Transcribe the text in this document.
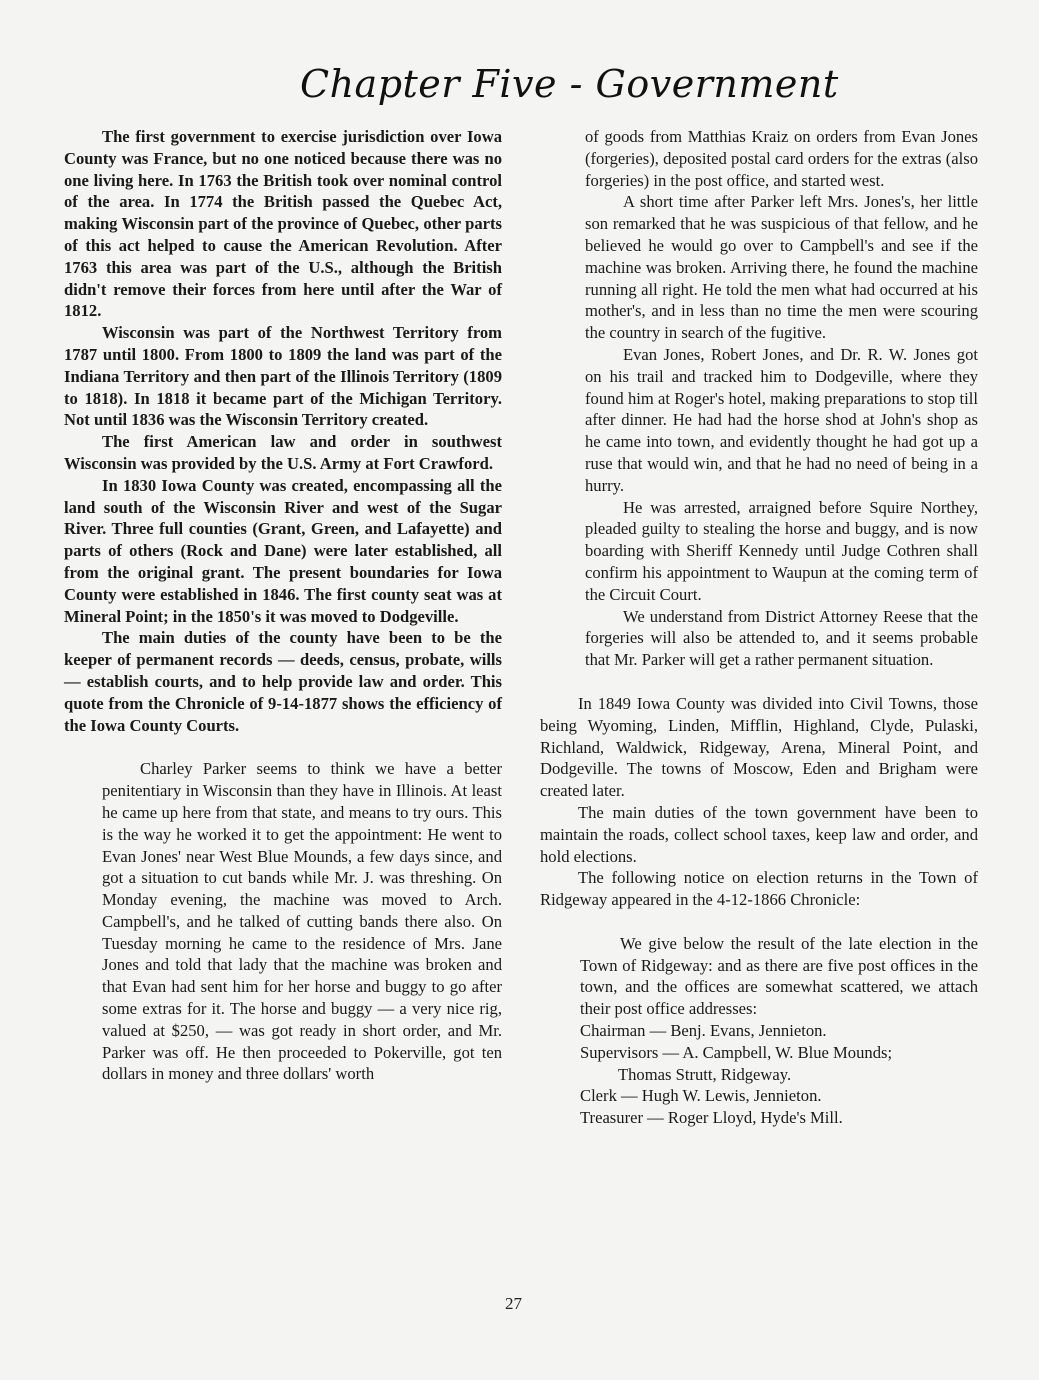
Chapter Five - Government

The first government to exercise jurisdiction over Iowa County was France, but no one noticed because there was no one living here. In 1763 the British took over nominal control of the area. In 1774 the British passed the Quebec Act, making Wisconsin part of the province of Quebec, other parts of this act helped to cause the American Revolution. After 1763 this area was part of the U.S., although the British didn't remove their forces from here until after the War of 1812.

Wisconsin was part of the Northwest Territory from 1787 until 1800. From 1800 to 1809 the land was part of the Indiana Territory and then part of the Illinois Territory (1809 to 1818). In 1818 it became part of the Michigan Territory. Not until 1836 was the Wisconsin Territory created.

The first American law and order in southwest Wisconsin was provided by the U.S. Army at Fort Crawford.

In 1830 Iowa County was created, encompassing all the land south of the Wisconsin River and west of the Sugar River. Three full counties (Grant, Green, and Lafayette) and parts of others (Rock and Dane) were later established, all from the original grant. The present boundaries for Iowa County were established in 1846. The first county seat was at Mineral Point; in the 1850's it was moved to Dodgeville.

The main duties of the county have been to be the keeper of permanent records — deeds, census, probate, wills — establish courts, and to help provide law and order. This quote from the Chronicle of 9-14-1877 shows the efficiency of the Iowa County Courts.

Charley Parker seems to think we have a better penitentiary in Wisconsin than they have in Illinois. At least he came up here from that state, and means to try ours. This is the way he worked it to get the appointment: He went to Evan Jones' near West Blue Mounds, a few days since, and got a situation to cut bands while Mr. J. was threshing. On Monday evening, the machine was moved to Arch. Campbell's, and he talked of cutting bands there also. On Tuesday morning he came to the residence of Mrs. Jane Jones and told that lady that the machine was broken and that Evan had sent him for her horse and buggy to go after some extras for it. The horse and buggy — a very nice rig, valued at $250, — was got ready in short order, and Mr. Parker was off. He then proceeded to Pokerville, got ten dollars in money and three dollars' worth

of goods from Matthias Kraiz on orders from Evan Jones (forgeries), deposited postal card orders for the extras (also forgeries) in the post office, and started west.

A short time after Parker left Mrs. Jones's, her little son remarked that he was suspicious of that fellow, and he believed he would go over to Campbell's and see if the machine was broken. Arriving there, he found the machine running all right. He told the men what had occurred at his mother's, and in less than no time the men were scouring the country in search of the fugitive.

Evan Jones, Robert Jones, and Dr. R. W. Jones got on his trail and tracked him to Dodgeville, where they found him at Roger's hotel, making preparations to stop till after dinner. He had had the horse shod at John's shop as he came into town, and evidently thought he had got up a ruse that would win, and that he had no need of being in a hurry.

He was arrested, arraigned before Squire Northey, pleaded guilty to stealing the horse and buggy, and is now boarding with Sheriff Kennedy until Judge Cothren shall confirm his appointment to Waupun at the coming term of the Circuit Court.

We understand from District Attorney Reese that the forgeries will also be attended to, and it seems probable that Mr. Parker will get a rather permanent situation.

In 1849 Iowa County was divided into Civil Towns, those being Wyoming, Linden, Mifflin, Highland, Clyde, Pulaski, Richland, Waldwick, Ridgeway, Arena, Mineral Point, and Dodgeville. The towns of Moscow, Eden and Brigham were created later.

The main duties of the town government have been to maintain the roads, collect school taxes, keep law and order, and hold elections.

The following notice on election returns in the Town of Ridgeway appeared in the 4-12-1866 Chronicle:

We give below the result of the late election in the Town of Ridgeway: and as there are five post offices in the town, and the offices are somewhat scattered, we attach their post office addresses:

Chairman — Benj. Evans, Jennieton.

Supervisors — A. Campbell, W. Blue Mounds;

Thomas Strutt, Ridgeway.

Clerk — Hugh W. Lewis, Jennieton.

Treasurer — Roger Lloyd, Hyde's Mill.

27
